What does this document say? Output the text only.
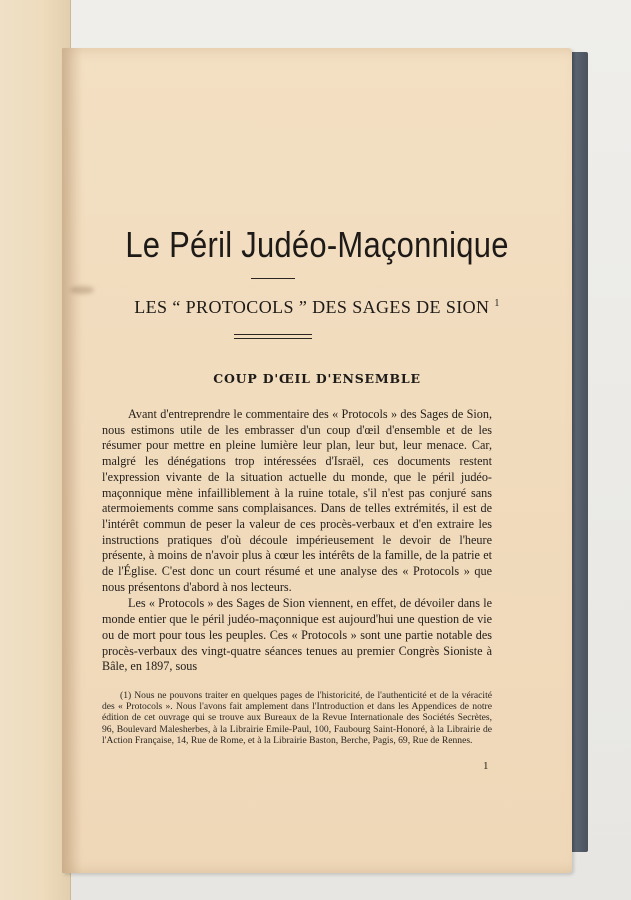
Le Péril Judéo-Maçonnique
LES “ PROTOCOLS ” DES SAGES DE SION $^1$
COUP D'ŒIL D'ENSEMBLE

Avant d'entreprendre le commentaire des « Protocols » des Sages de Sion, nous estimons utile de les embrasser d'un coup d'œil d'ensemble et de les résumer pour mettre en pleine lumière leur plan, leur but, leur menace. Car, malgré les dénégations trop intéressées d'Israël, ces documents restent l'expression vivante de la situation actuelle du monde, que le péril judéo-maçonnique mène infailliblement à la ruine totale, s'il n'est pas conjuré sans atermoiements comme sans complaisances. Dans de telles extrémités, il est de l'intérêt commun de peser la valeur de ces procès-verbaux et d'en extraire les instructions pratiques d'où découle impérieusement le devoir de l'heure présente, à moins de n'avoir plus à cœur les intérêts de la famille, de la patrie et de l'Église. C'est donc un court résumé et une analyse des « Protocols » que nous présentons d'abord à nos lecteurs.

Les « Protocols » des Sages de Sion viennent, en effet, de dévoiler dans le monde entier que le péril judéo-maçonnique est aujourd'hui une question de vie ou de mort pour tous les peuples. Ces « Protocols » sont une partie notable des procès-verbaux des vingt-quatre séances tenues au premier Congrès Sioniste à Bâle, en 1897, sous

(1) Nous ne pouvons traiter en quelques pages de l'historicité, de l'authenticité et de la véracité des « Protocols ». Nous l'avons fait amplement dans l'Introduction et dans les Appendices de notre édition de cet ouvrage qui se trouve aux Bureaux de la Revue Internationale des Sociétés Secrètes, 96, Boulevard Malesherbes, à la Librairie Emile-Paul, 100, Faubourg Saint-Honoré, à la Librairie de l'Action Française, 14, Rue de Rome, et à la Librairie Baston, Berche, Pagis, 69, Rue de Rennes.

1
